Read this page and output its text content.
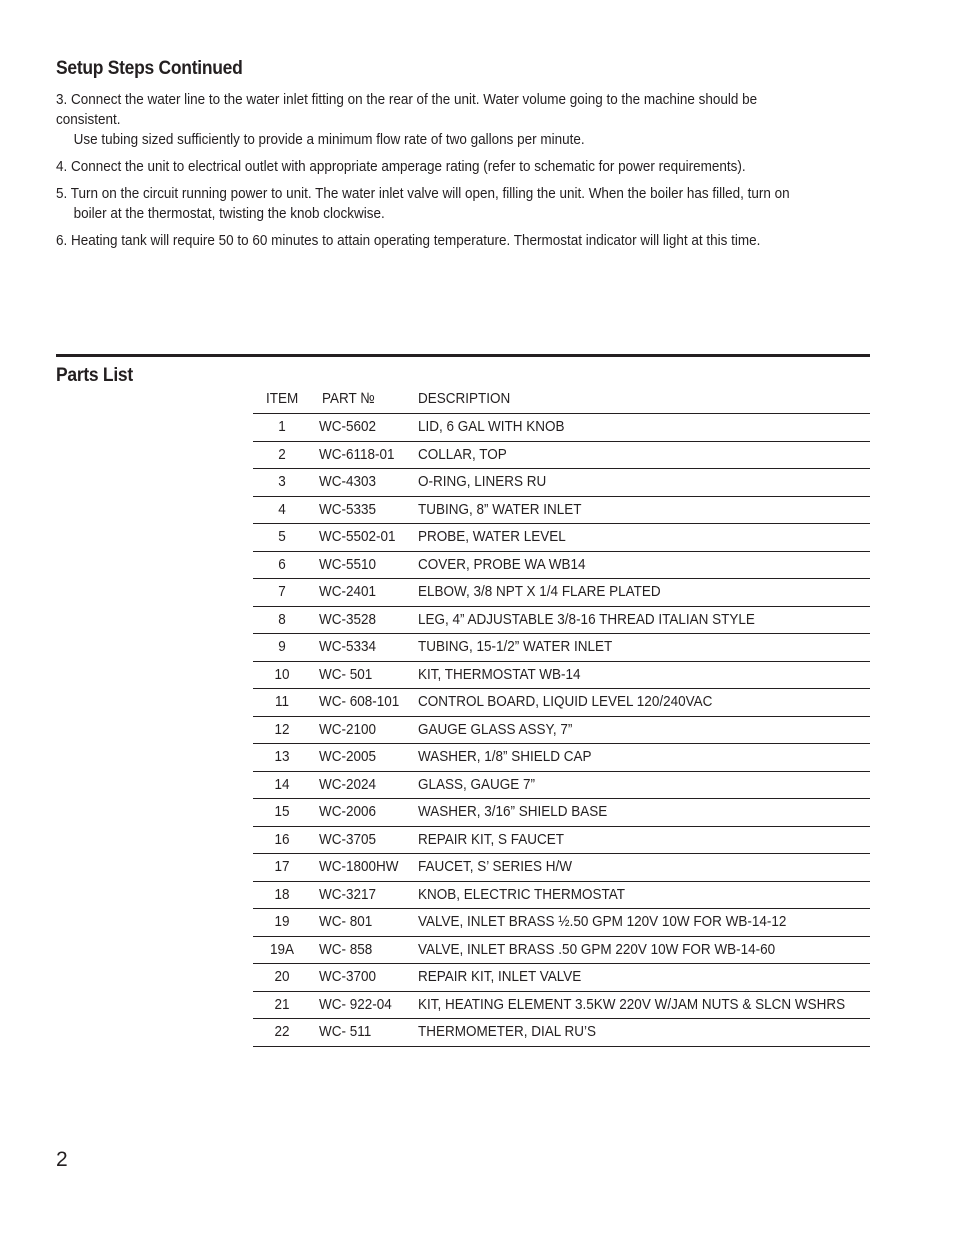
Setup Steps Continued

3. Connect the water line to the water inlet fitting on the rear of the unit. Water volume going to the machine should be consistent.
Use tubing sized sufficiently to provide a minimum flow rate of two gallons per minute.

4. Connect the unit to electrical outlet with appropriate amperage rating (refer to schematic for power requirements).

5. Turn on the circuit running power to unit. The water inlet valve will open, filling the unit. When the boiler has filled, turn on
boiler at the thermostat, twisting the knob clockwise.

6. Heating tank will require 50 to 60 minutes to attain operating temperature. Thermostat indicator will light at this time.

Parts List
ITEM PART №	DESCRIPTION
1	WC-5602	LID, 6 GAL WITH KNOB
2	WC-6118-01 COLLAR, TOP
3	WC-4303	O-RING, LINERS RU
4	WC-5335	TUBING, 8” WATER INLET
5	WC-5502-01 PROBE, WATER LEVEL
6	WC-5510	COVER, PROBE WA WB14
7	WC-2401	ELBOW, 3/8 NPT X 1/4 FLARE PLATED
8	WC-3528	LEG, 4” ADJUSTABLE 3/8-16 THREAD ITALIAN STYLE
9	WC-5334	TUBING, 15-1/2” WATER INLET
10	WC- 501	KIT, THERMOSTAT WB-14
11	WC- 608-101 CONTROL BOARD, LIQUID LEVEL 120/240VAC
12	WC-2100	GAUGE GLASS ASSY, 7”
13	WC-2005	WASHER, 1/8” SHIELD CAP
14	WC-2024	GLASS, GAUGE 7”
15	WC-2006	WASHER, 3/16” SHIELD BASE
16	WC-3705	REPAIR KIT, S FAUCET
17	WC-1800HW FAUCET, S’ SERIES H/W
18	WC-3217	KNOB, ELECTRIC THERMOSTAT
19	WC- 801	VALVE, INLET BRASS ½.50 GPM 120V 10W FOR WB-14-12
19A	WC- 858	VALVE, INLET BRASS .50 GPM 220V 10W FOR WB-14-60
20	WC-3700	REPAIR KIT, INLET VALVE
21	WC- 922-04 KIT, HEATING ELEMENT 3.5KW 220V W/JAM NUTS & SLCN WSHRS
22	WC- 511	THERMOMETER, DIAL RU’S
2
